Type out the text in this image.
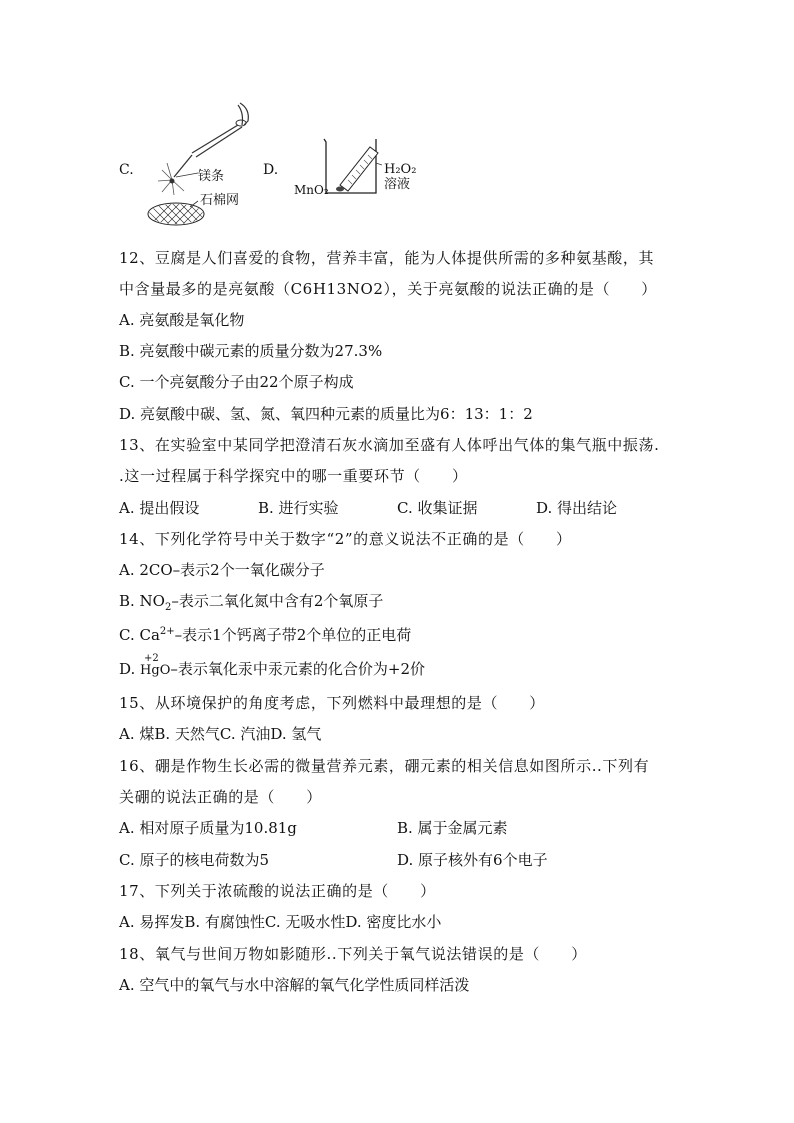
C.	镁条
石棉网
D.	H₂O₂
溶液
MnO₂
12、豆腐是人们喜爱的食物，营养丰富，能为人体提供所需的多种氨基酸，其
中含量最多的是亮氨酸（C6H13NO2），关于亮氨酸的说法正确的是（　　）
A. 亮氨酸是氧化物
B. 亮氨酸中碳元素的质量分数为27.3%
C. 一个亮氨酸分子由22个原子构成
D. 亮氨酸中碳、氢、氮、氧四种元素的质量比为6：13：1：2
13、在实验室中某同学把澄清石灰水滴加至盛有人体呼出气体的集气瓶中振荡.
.这一过程属于科学探究中的哪一重要环节（　　）
A. 提出假设	B. 进行实验	C. 收集证据	D. 得出结论
14、下列化学符号中关于数字“2”的意义说法不正确的是（　　）
A. 2CO–表示2个一氧化碳分子
B. $NO_2-$表示二氧化氮中含有2个氧原子
C. $Ca^{2+}-$表示1个钙离子带2个单位的正电荷
D.
+2
HgO–表示氧化汞中汞元素的化合价为+2价
15、从环境保护的角度考虑，下列燃料中最理想的是（　　）
A. 煤B. 天然气C. 汽油D. 氢气
16、硼是作物生长必需的微量营养元素，硼元素的相关信息如图所示..下列有
关硼的说法正确的是（　　）
A. 相对原子质量为10.81g	B. 属于金属元素
C. 原子的核电荷数为5	D. 原子核外有6个电子
17、下列关于浓硫酸的说法正确的是（　　）
A. 易挥发B. 有腐蚀性C. 无吸水性D. 密度比水小
18、氧气与世间万物如影随形..下列关于氧气说法错误的是（　　）
A. 空气中的氧气与水中溶解的氧气化学性质同样活泼
